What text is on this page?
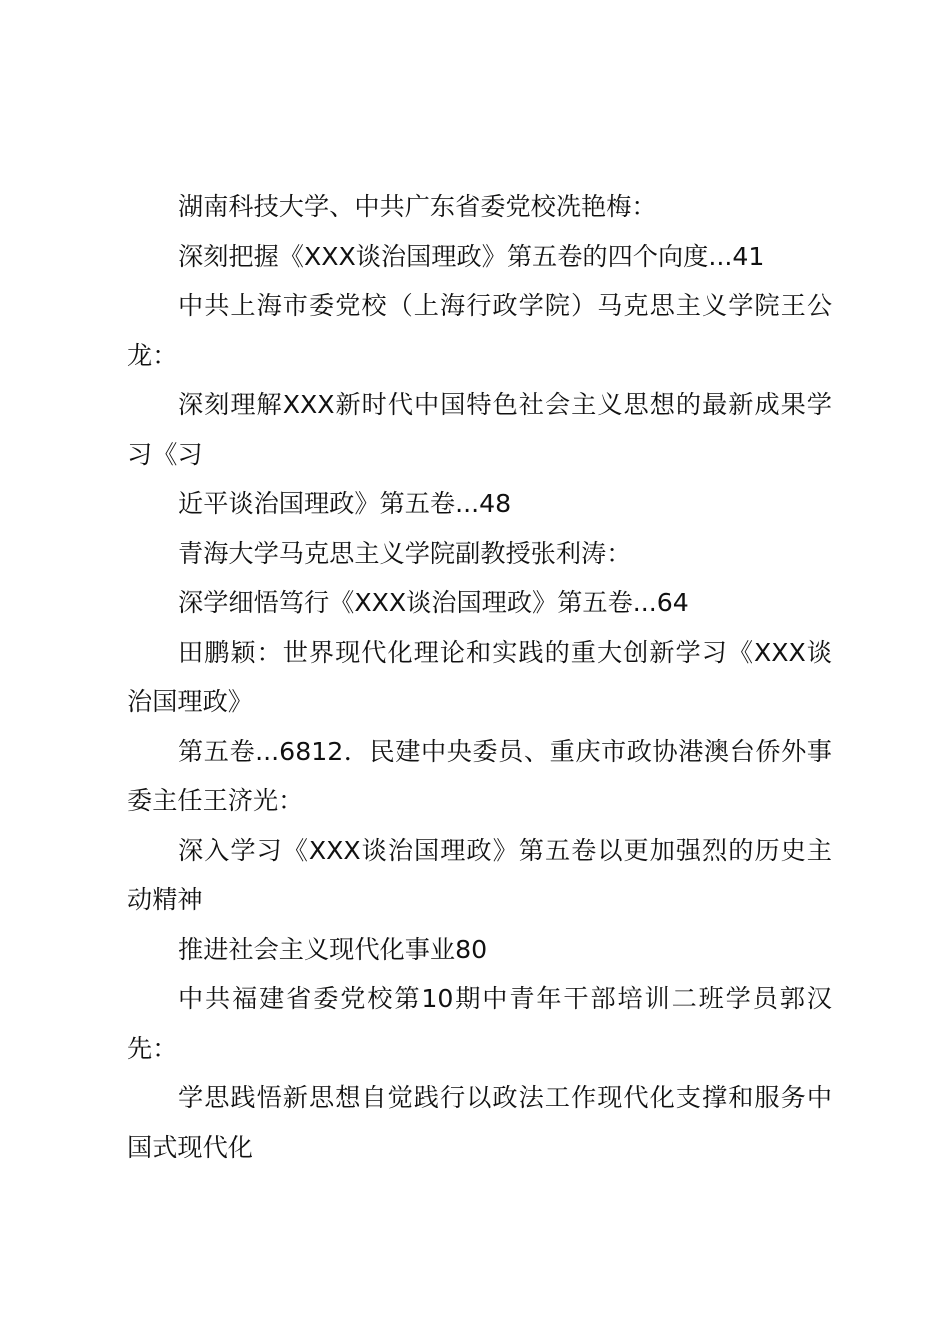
湖南科技大学、中共广东省委党校冼艳梅：

深刻把握《XXX谈治国理政》第五卷的四个向度...41

中共上海市委党校（上海行政学院）马克思主义学院王公龙：

深刻理解XXX新时代中国特色社会主义思想的最新成果学习《习

近平谈治国理政》第五卷...48

青海大学马克思主义学院副教授张利涛：

深学细悟笃行《XXX谈治国理政》第五卷...64

田鹏颖：世界现代化理论和实践的重大创新学习《XXX谈治国理政》

第五卷...6812．民建中央委员、重庆市政协港澳台侨外事委主任王济光：

深入学习《XXX谈治国理政》第五卷以更加强烈的历史主动精神

推进社会主义现代化事业80

中共福建省委党校第10期中青年干部培训二班学员郭汉先：

学思践悟新思想自觉践行以政法工作现代化支撑和服务中国式现代化
